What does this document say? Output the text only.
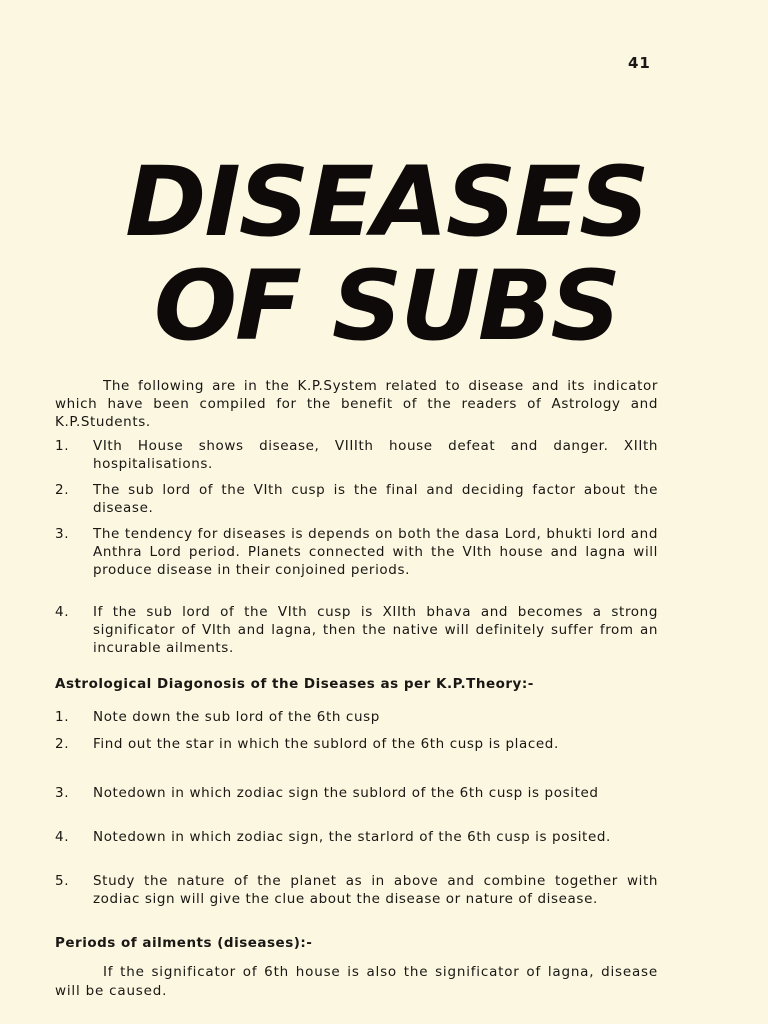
41
DISEASES
OF SUBS

The following are in the K.P.System related to disease and its indicator which have been compiled for the benefit of the readers of Astrology and K.P.Students.

1.	VIth House shows disease, VIIIth house defeat and danger. XIIth hospitalisations.
2.	The sub lord of the VIth cusp is the final and deciding factor about the disease.
3.	The tendency for diseases is depends on both the dasa Lord, bhukti lord and Anthra Lord period. Planets connected with the VIth house and lagna will produce disease in their conjoined periods.
4.	If the sub lord of the VIth cusp is XIIth bhava and becomes a strong significator of VIth and lagna, then the native will definitely suffer from an incurable ailments.
Astrological Diagonosis of the Diseases as per K.P.Theory:-
1.	Note down the sub lord of the 6th cusp
2.	Find out the star in which the sublord of the 6th cusp is placed.
3.	Notedown in which zodiac sign the sublord of the 6th cusp is posited
4.	Notedown in which zodiac sign, the starlord of the 6th cusp is posited.
5.	Study the nature of the planet as in above and combine together with zodiac sign will give the clue about the disease or nature of disease.
Periods of ailments (diseases):-

If the significator of 6th house is also the significator of lagna, disease will be caused.
